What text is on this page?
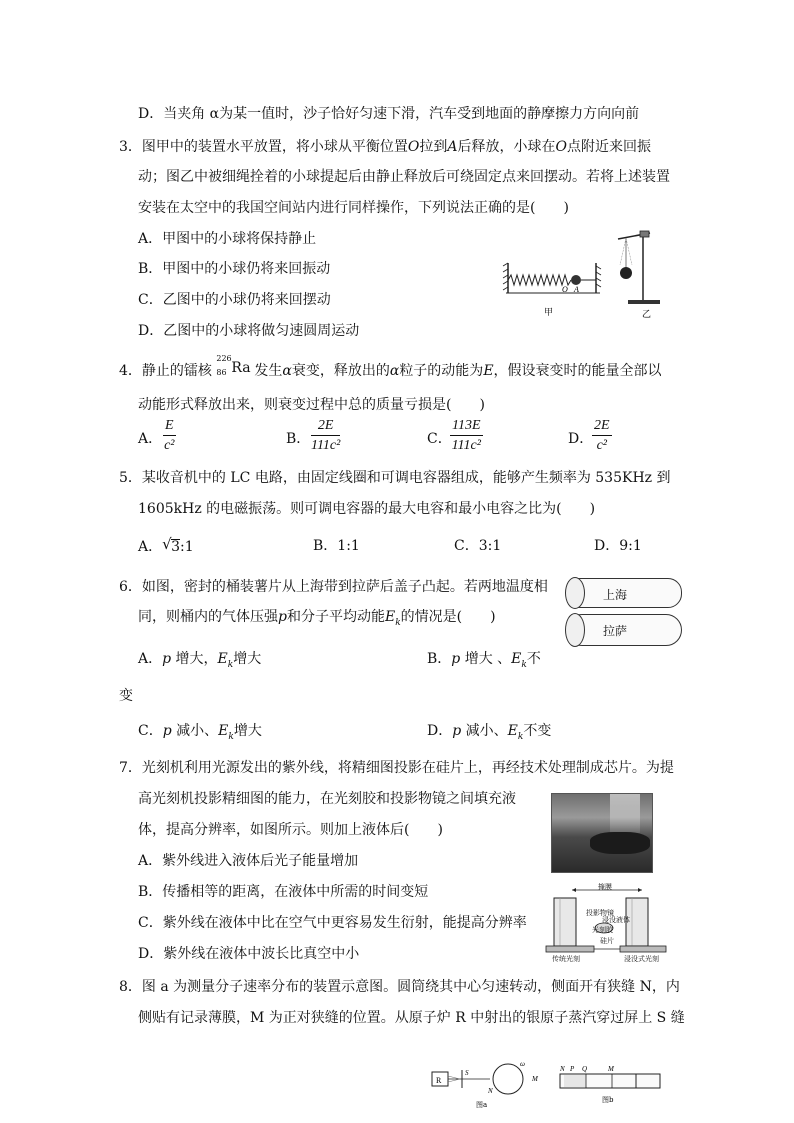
D．当夹角 α为某一值时，沙子恰好匀速下滑，汽车受到地面的静摩擦力方向向前
3．图甲中的装置水平放置，将小球从平衡位置O拉到A后释放，小球在O点附近来回振
动；图乙中被细绳拴着的小球提起后由静止释放后可绕固定点来回摆动。若将上述装置
安装在太空中的我国空间站内进行同样操作，下列说法正确的是(　　)
A．甲图中的小球将保持静止
B．甲图中的小球仍将来回振动
C．乙图中的小球仍将来回摆动
D．乙图中的小球将做匀速圆周运动
O A
甲	乙
4．静止的镭核
226
86 Ra 发生α衰变，释放出的α粒子的动能为E，假设衰变时的能量全部以
动能形式释放出来，则衰变过程中总的质量亏损是(　　)
A． $\frac{E}{\text{c²}}$	B． $\frac{2E}{\text{111c²}}$	C．
$\frac{113E}{\text{111c²}}$	D．
$\frac{2E}{\text{c²}}$
5．某收音机中的 LC 电路，由固定线圈和可调电容器组成，能够产生频率为 535KHz 到
1605kHz 的电磁振荡。则可调电容器的最大电容和最小电容之比为(　　)
A． √ 3:1	B．1:1	C．3:1	D．9:1
6．如图，密封的桶装薯片从上海带到拉萨后盖子凸起。若两地温度相
同，则桶内的气体压强p和分子平均动能$E_k$的情况是(　　)
A．p 增大，$E_k$增大	B．p 增大 、$E_k$不
变
C．p 减小、$E_k$增大	D．p 减小、$E_k$不变
上海
拉萨
7．光刻机利用光源发出的紫外线，将精细图投影在硅片上，再经技术处理制成芯片。为提
高光刻机投影精细图的能力，在光刻胶和投影物镜之间填充液
体，提高分辨率，如图所示。则加上液体后(　　)
A．紫外线进入液体后光子能量增加
B．传播相等的距离，在液体中所需的时间变短
C．紫外线在液体中比在空气中更容易发生衍射，能提高分辨率
D．紫外线在液体中波长比真空中小
掩膜
投影物镜
浸没液体
光刻胶
硅片
传统光刻	浸没式光刻
8．图 a 为测量分子速率分布的装置示意图。圆筒绕其中心匀速转动，侧面开有狭缝 N，内
侧贴有记录薄膜，M 为正对狭缝的位置。从原子炉 R 中射出的银原子蒸汽穿过屏上 S 缝
R
S
N
M
ω
图a
N P Q	M
图b
